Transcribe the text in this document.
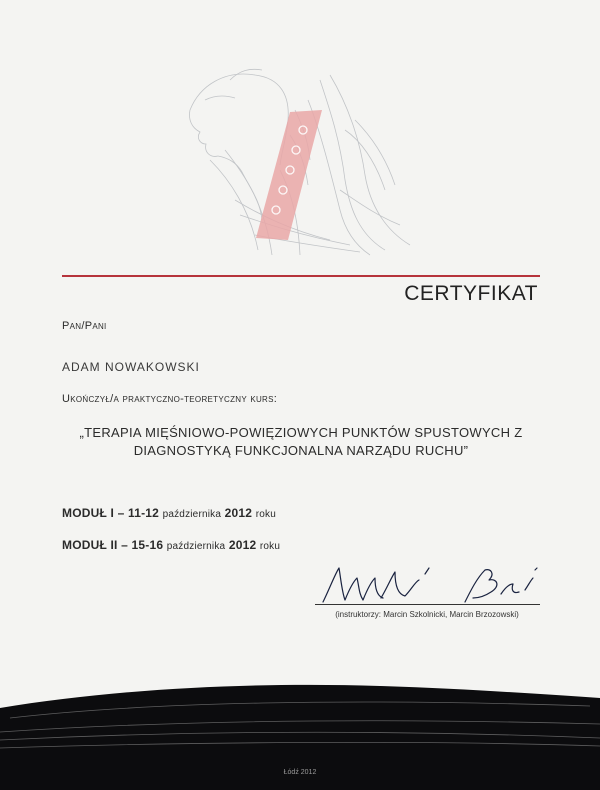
CERTYFIKAT
Pan/Pani
ADAM NOWAKOWSKI
Ukończył/a praktyczno-teoretyczny kurs:
„TERAPIA MIĘŚNIOWO-POWIĘZIOWYCH PUNKTÓW SPUSTOWYCH Z
DIAGNOSTYKĄ FUNKCJONALNA NARZĄDU RUCHU”
MODUŁ I – 11-12 października 2012 roku
MODUŁ II – 15-16 października 2012 roku
(instruktorzy: Marcin Szkolnicki, Marcin Brzozowski)
Łódź 2012
